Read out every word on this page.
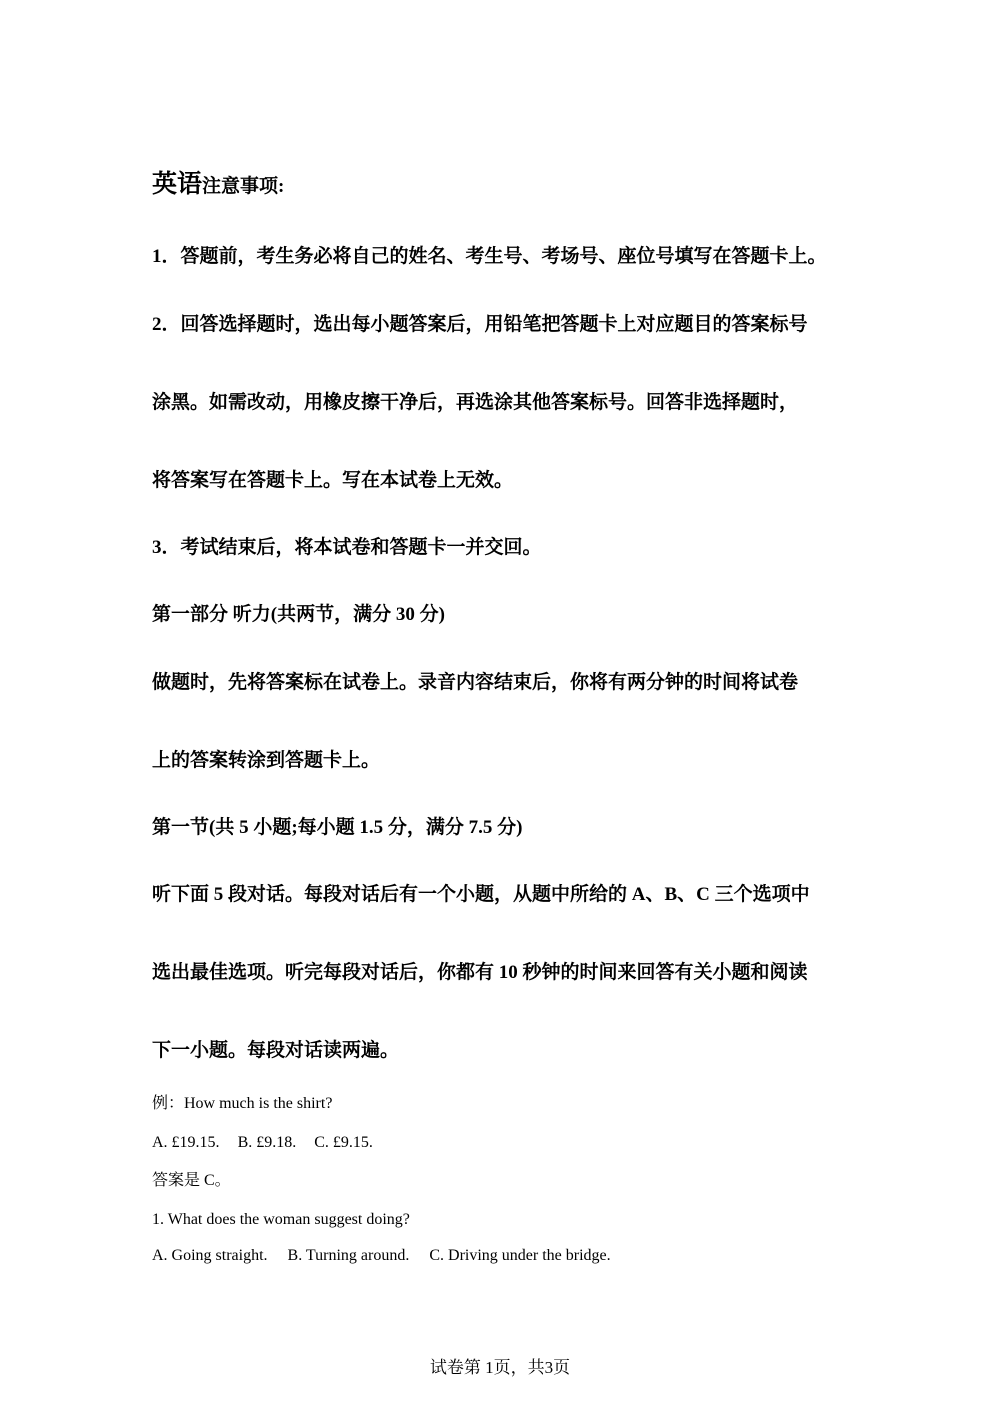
英语注意事项:
1．答题前，考生务必将自己的姓名、考生号、考场号、座位号填写在答题卡上。
2．回答选择题时，选出每小题答案后，用铅笔把答题卡上对应题目的答案标号
涂黑。如需改动，用橡皮擦干净后，再选涂其他答案标号。回答非选择题时，
将答案写在答题卡上。写在本试卷上无效。
3．考试结束后，将本试卷和答题卡一并交回。
第一部分 听力(共两节，满分 30 分)
做题时，先将答案标在试卷上。录音内容结束后，你将有两分钟的时间将试卷
上的答案转涂到答题卡上。
第一节(共 5 小题;每小题 1.5 分，满分 7.5 分)
听下面 5 段对话。每段对话后有一个小题，从题中所给的 A、B、C 三个选项中
选出最佳选项。听完每段对话后，你都有 10 秒钟的时间来回答有关小题和阅读
下一小题。每段对话读两遍。
例：How much is the shirt?
A. £19.15. B. £9.18. C. £9.15.
答案是 C。
1. What does the woman suggest doing?
A. Going straight. B. Turning around. C. Driving under the bridge.
试卷第 1页，共3页
